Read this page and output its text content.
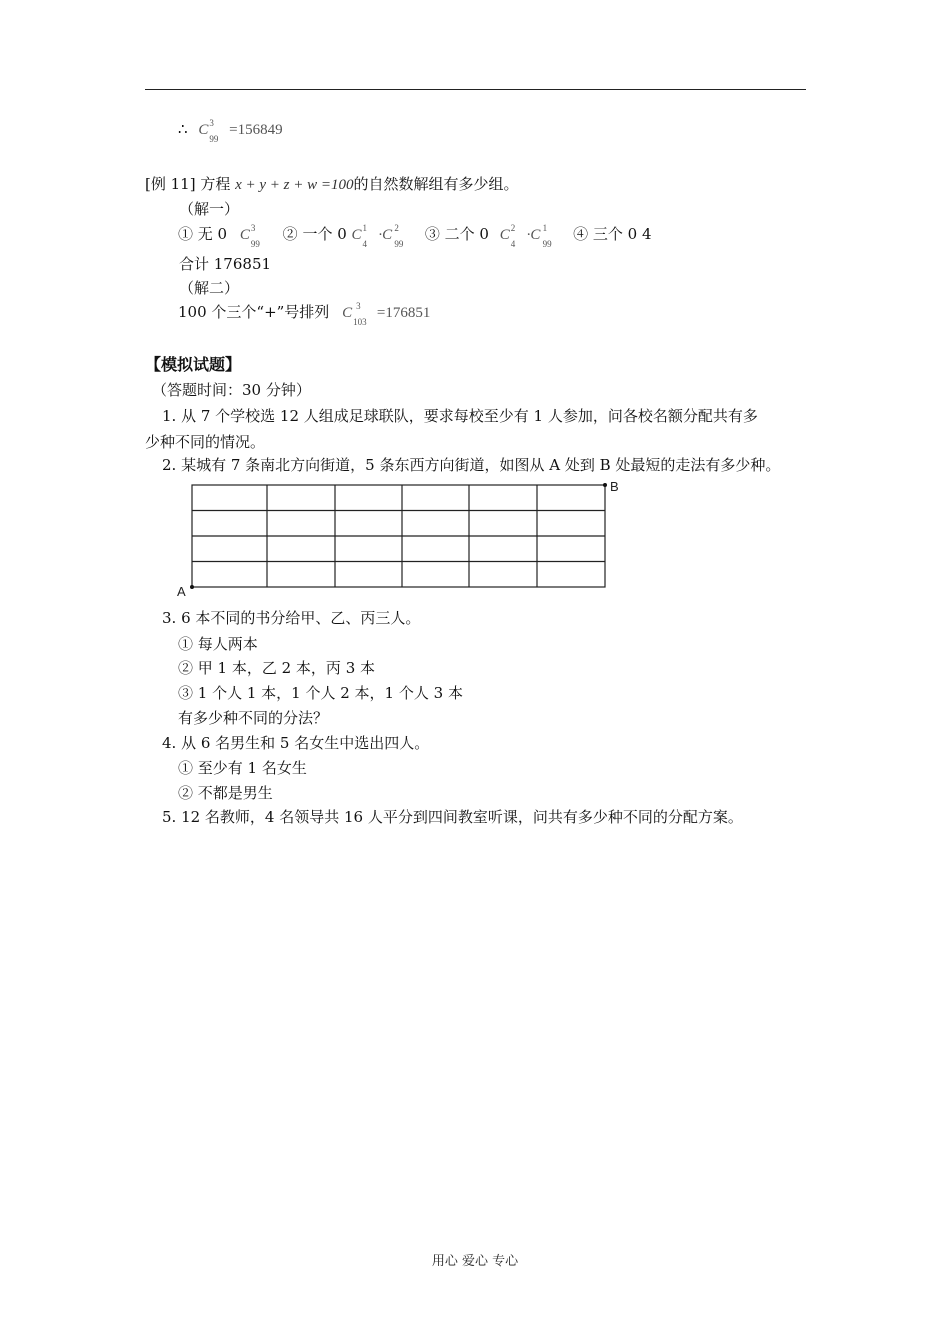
∴ C 3
99
=156849
[例 11] 方程 x + y + z + w =100的自然数解组有多少组。
（解一）
① 无 0 C 3
99
② 一个 0 C 1
4
·C 2
99
③ 二个 0 C 2
4
·C 1
99
④ 三个 0 4
合计 176851
（解二）
100 个三个“+”号排列 C 3
103
=176851
【模拟试题】
（答题时间：30 分钟）
1. 从 7 个学校选 12 人组成足球联队，要求每校至少有 1 人参加，问各校名额分配共有多
少种不同的情况。
2. 某城有 7 条南北方向街道，5 条东西方向街道，如图从 A 处到 B 处最短的走法有多少种。
A
B
3. 6 本不同的书分给甲、乙、丙三人。
① 每人两本
② 甲 1 本，乙 2 本，丙 3 本
③ 1 个人 1 本，1 个人 2 本，1 个人 3 本
有多少种不同的分法？
4. 从 6 名男生和 5 名女生中选出四人。
① 至少有 1 名女生
② 不都是男生
5. 12 名教师，4 名领导共 16 人平分到四间教室听课，问共有多少种不同的分配方案。
用心 爱心 专心
